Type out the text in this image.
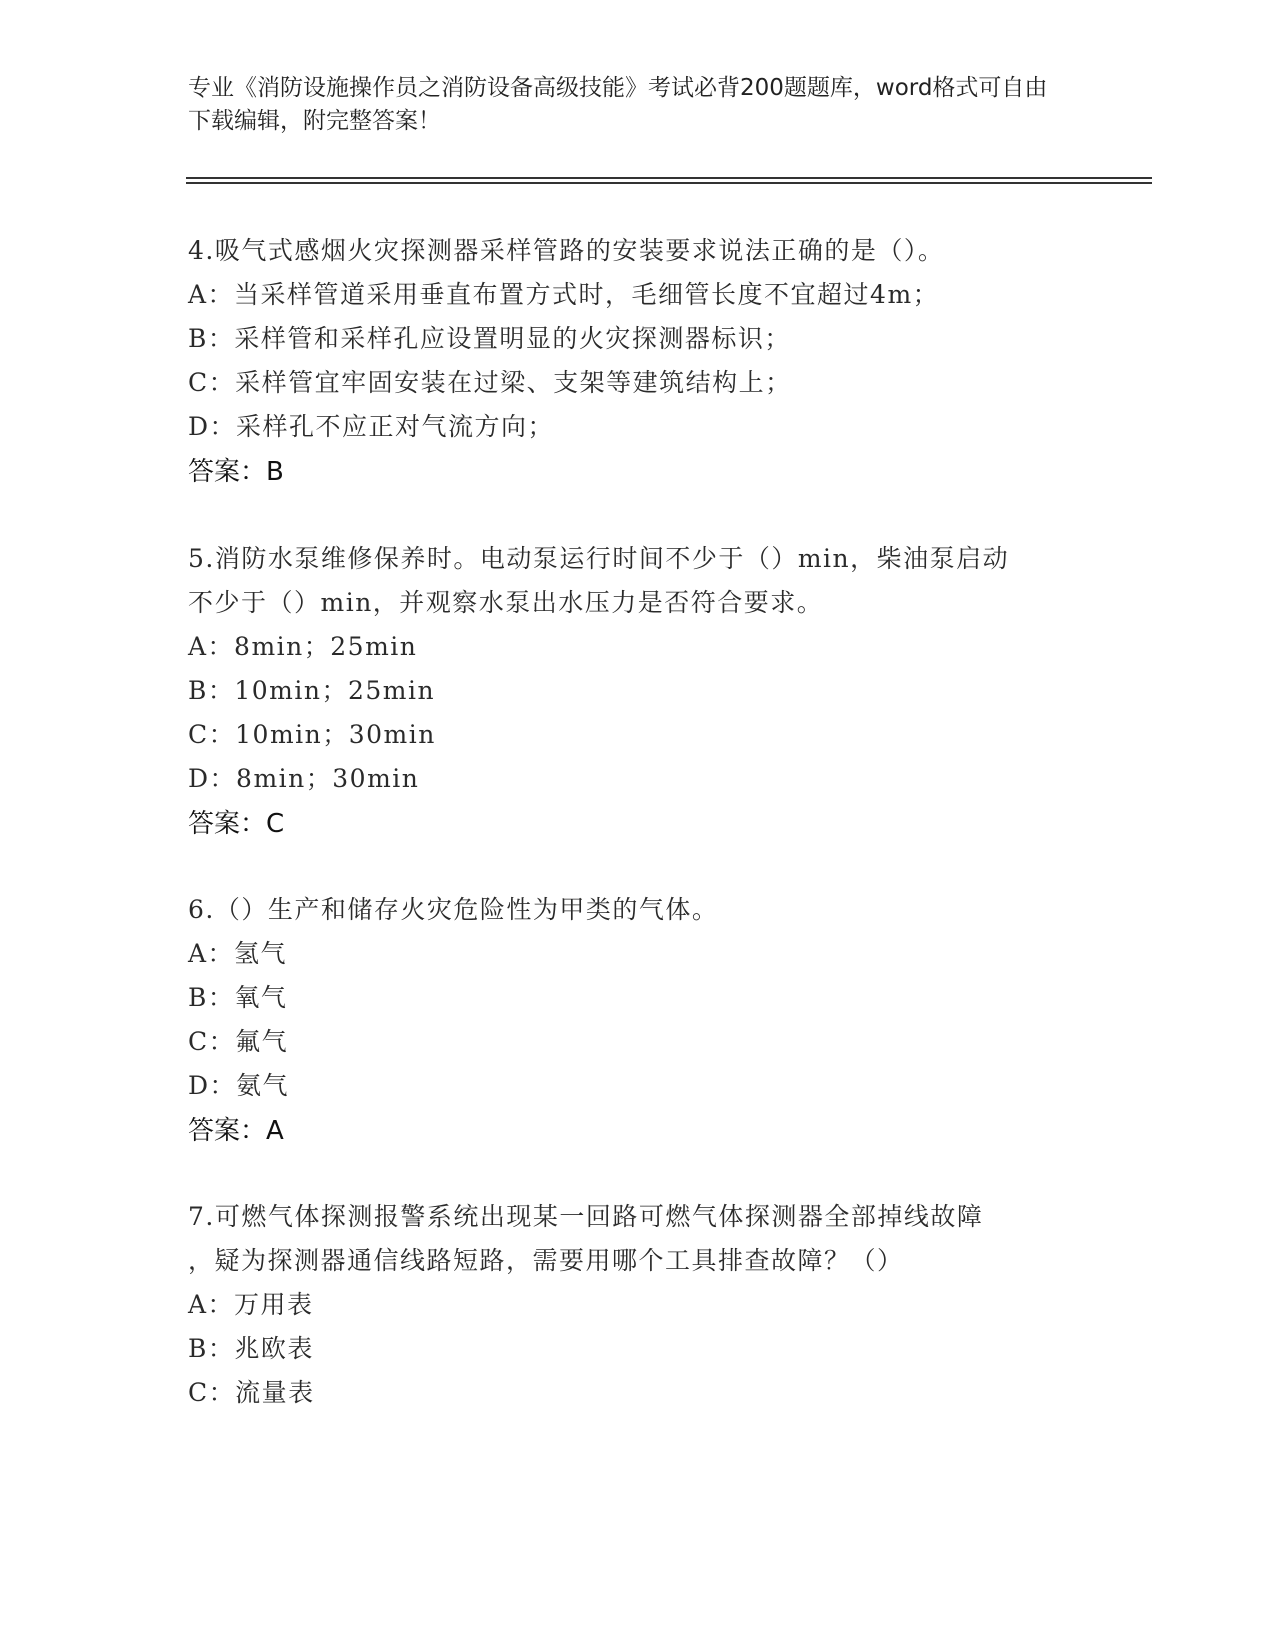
专业《消防设施操作员之消防设备高级技能》考试必背200题题库，word格式可自由下载编辑，附完整答案！
4.吸气式感烟火灾探测器采样管路的安装要求说法正确的是（）。
A：当采样管道采用垂直布置方式时，毛细管长度不宜超过4m；
B：采样管和采样孔应设置明显的火灾探测器标识；
C：采样管宜牢固安装在过梁、支架等建筑结构上；
D：采样孔不应正对气流方向；
答案：B
5.消防水泵维修保养时。电动泵运行时间不少于（）min，柴油泵启动
不少于（）min，并观察水泵出水压力是否符合要求。
A：8min；25min
B：10min；25min
C：10min；30min
D：8min；30min
答案：C
6.（）生产和储存火灾危险性为甲类的气体。
A：氢气
B：氧气
C：氟气
D：氨气
答案：A
7.可燃气体探测报警系统出现某一回路可燃气体探测器全部掉线故障
，疑为探测器通信线路短路，需要用哪个工具排查故障？（）
A：万用表
B：兆欧表
C：流量表
